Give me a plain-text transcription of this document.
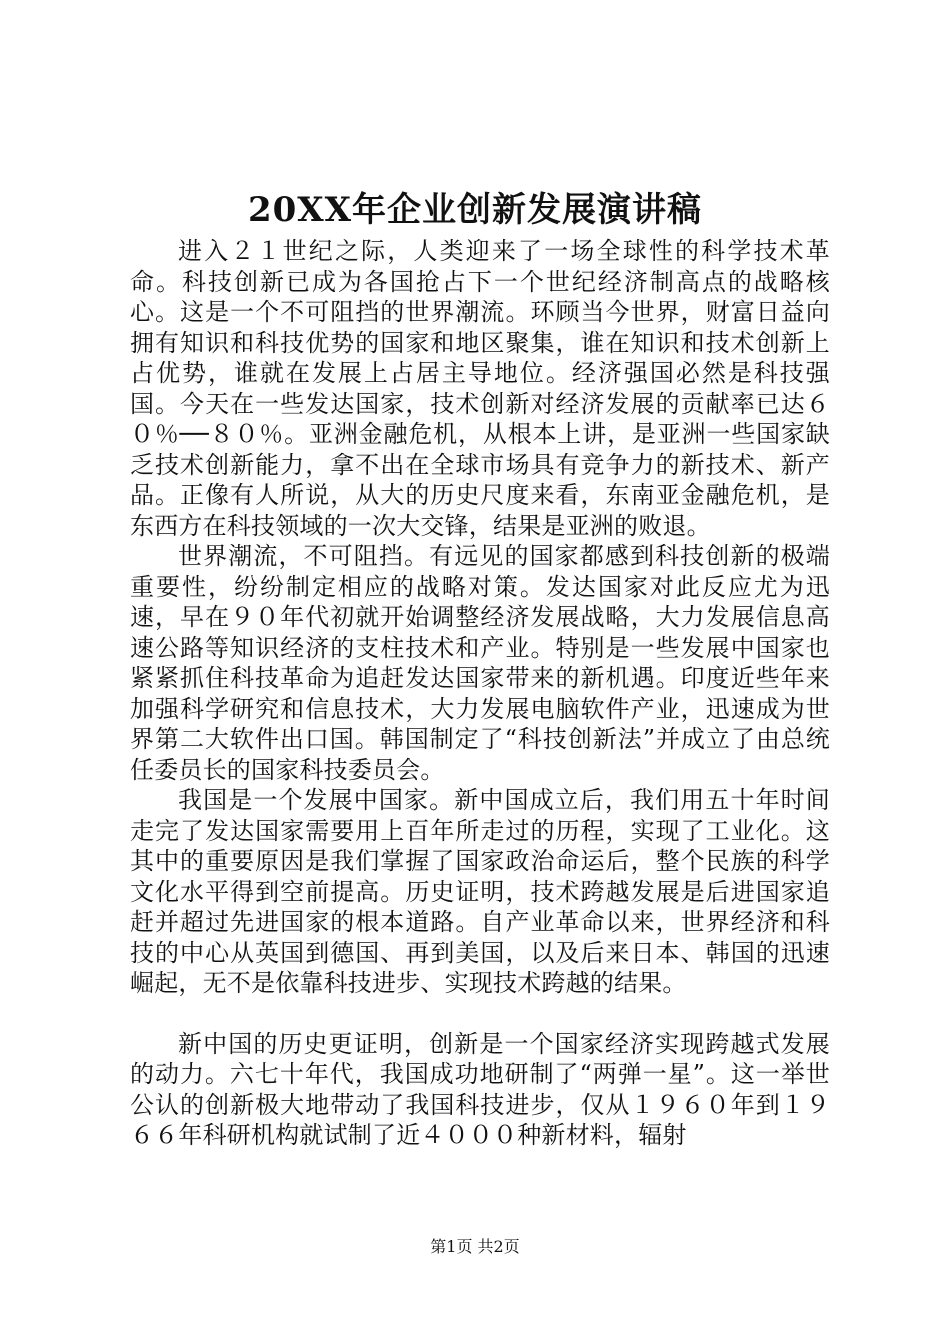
20XX年企业创新发展演讲稿

进入２１世纪之际，人类迎来了一场全球性的科学技术革命。科技创新已成为各国抢占下一个世纪经济制高点的战略核心。这是一个不可阻挡的世界潮流。环顾当今世界，财富日益向拥有知识和科技优势的国家和地区聚集，谁在知识和技术创新上占优势，谁就在发展上占居主导地位。经济强国必然是科技强国。今天在一些发达国家，技术创新对经济发展的贡献率已达６０％──８０％。亚洲金融危机，从根本上讲，是亚洲一些国家缺乏技术创新能力，拿不出在全球市场具有竞争力的新技术、新产品。正像有人所说，从大的历史尺度来看，东南亚金融危机，是东西方在科技领域的一次大交锋，结果是亚洲的败退。

世界潮流，不可阻挡。有远见的国家都感到科技创新的极端重要性，纷纷制定相应的战略对策。发达国家对此反应尤为迅速，早在９０年代初就开始调整经济发展战略，大力发展信息高速公路等知识经济的支柱技术和产业。特别是一些发展中国家也紧紧抓住科技革命为追赶发达国家带来的新机遇。印度近些年来加强科学研究和信息技术，大力发展电脑软件产业，迅速成为世界第二大软件出口国。韩国制定了“科技创新法”并成立了由总统任委员长的国家科技委员会。

我国是一个发展中国家。新中国成立后，我们用五十年时间走完了发达国家需要用上百年所走过的历程，实现了工业化。这其中的重要原因是我们掌握了国家政治命运后，整个民族的科学文化水平得到空前提高。历史证明，技术跨越发展是后进国家追赶并超过先进国家的根本道路。自产业革命以来，世界经济和科技的中心从英国到德国、再到美国，以及后来日本、韩国的迅速崛起，无不是依靠科技进步、实现技术跨越的结果。

新中国的历史更证明，创新是一个国家经济实现跨越式发展的动力。六七十年代，我国成功地研制了“两弹一星”。这一举世公认的创新极大地带动了我国科技进步，仅从１９６０年到１９６６年科研机构就试制了近４０００种新材料，辐射

第1页 共2页
